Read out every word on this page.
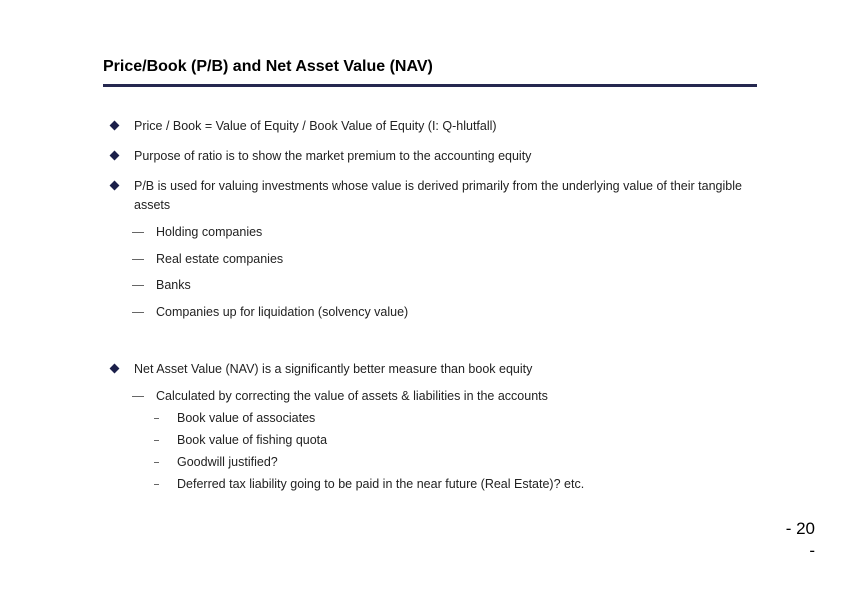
Price/Book (P/B) and Net Asset Value (NAV)
Price / Book = Value of Equity / Book Value of Equity (I: Q-hlutfall)
Purpose of ratio is to show the market premium to the accounting equity
P/B is used for valuing investments whose value is derived primarily from the underlying value of their tangible assets
Holding companies
Real estate companies
Banks
Companies up for liquidation (solvency value)
Net Asset Value (NAV) is a significantly better measure than book equity
Calculated by correcting the value of assets & liabilities in the accounts
Book value of associates
Book value of fishing quota
Goodwill justified?
Deferred tax liability going to be paid in the near future (Real Estate)? etc.
- 20
-
